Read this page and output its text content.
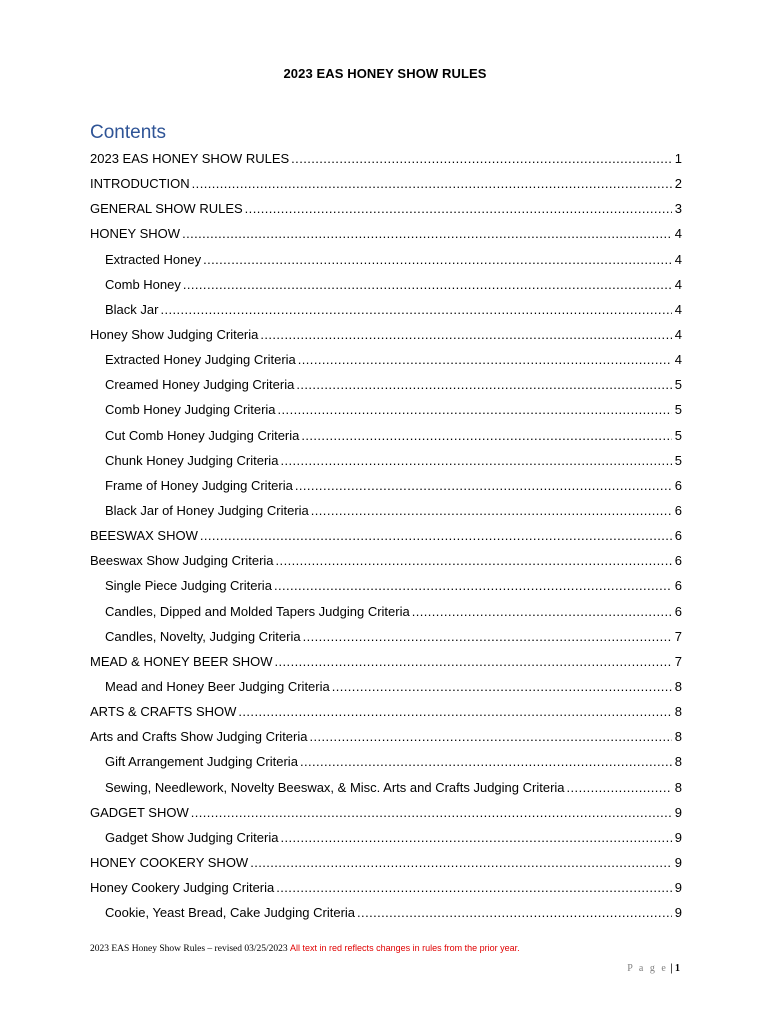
2023 EAS HONEY SHOW RULES
Contents
2023 EAS HONEY SHOW RULES .....	1
INTRODUCTION .....	2
GENERAL SHOW RULES .....	3
HONEY SHOW .....	4
Extracted Honey .....	4
Comb Honey .....	4
Black Jar .....	4
Honey Show Judging Criteria .....	4
Extracted Honey Judging Criteria .....	4
Creamed Honey Judging Criteria .....	5
Comb Honey Judging Criteria .....	5
Cut Comb Honey Judging Criteria .....	5
Chunk Honey Judging Criteria .....	5
Frame of Honey Judging Criteria .....	6
Black Jar of Honey Judging Criteria .....	6
BEESWAX SHOW .....	6
Beeswax Show Judging Criteria .....	6
Single Piece Judging Criteria .....	6
Candles, Dipped and Molded Tapers Judging Criteria .....	6
Candles, Novelty, Judging Criteria .....	7
MEAD & HONEY BEER SHOW .....	7
Mead and Honey Beer Judging Criteria .....	8
ARTS & CRAFTS SHOW .....	8
Arts and Crafts Show Judging Criteria .....	8
Gift Arrangement Judging Criteria .....	8
Sewing, Needlework, Novelty Beeswax, & Misc. Arts and Crafts Judging Criteria .....	8
GADGET SHOW .....	9
Gadget Show Judging Criteria .....	9
HONEY COOKERY SHOW .....	9
Honey Cookery Judging Criteria .....	9
Cookie, Yeast Bread, Cake Judging Criteria .....	9
2023 EAS Honey Show Rules – revised 03/25/2023 All text in red reflects changes in rules from the prior year.
P a g e | 1
